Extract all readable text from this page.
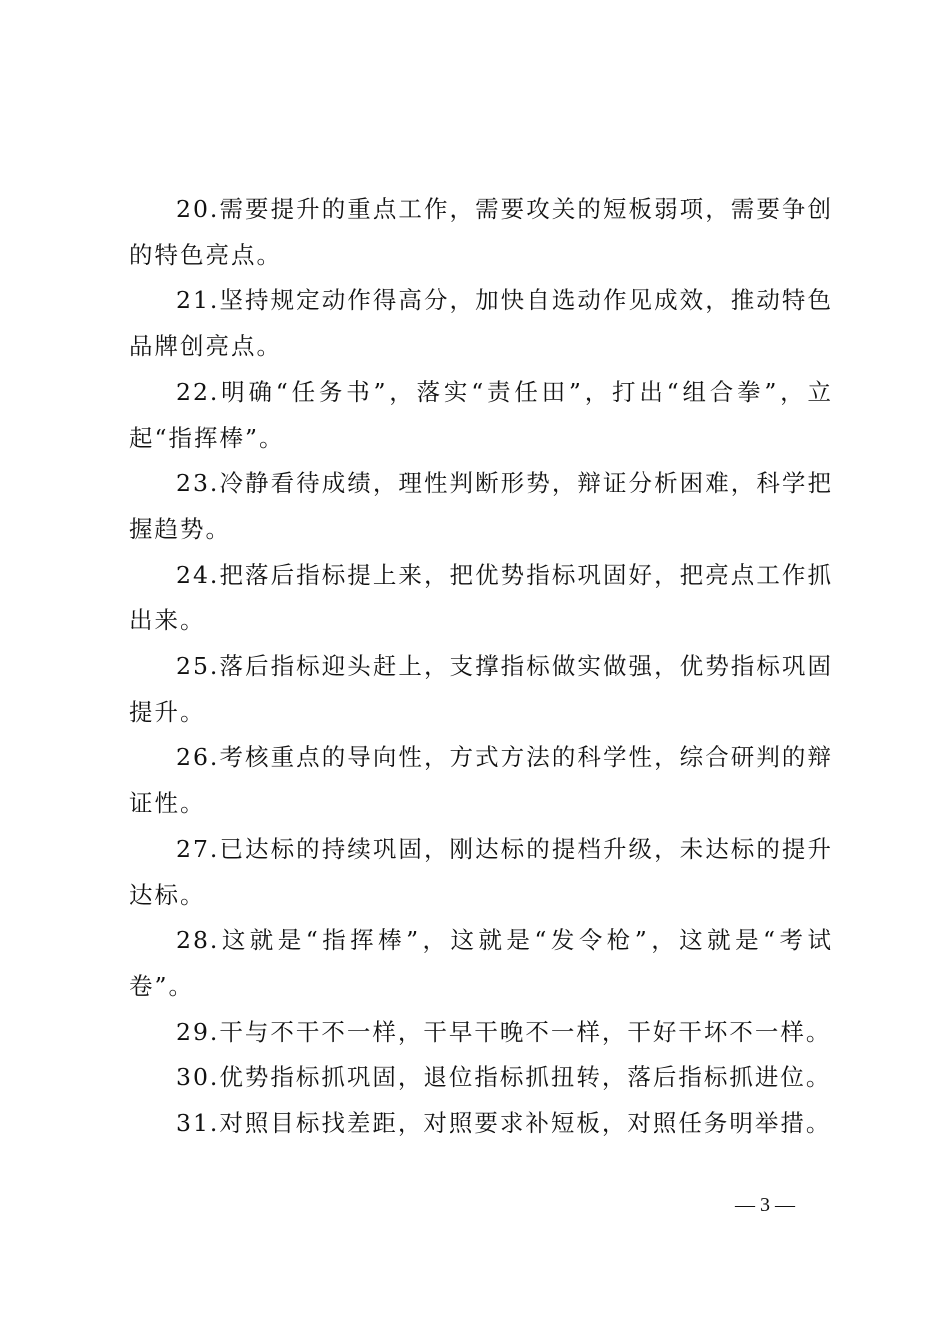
20.需要提升的重点工作，需要攻关的短板弱项，需要争创的特色亮点。

21.坚持规定动作得高分，加快自选动作见成效，推动特色品牌创亮点。

22.明确“任务书”，落实“责任田”，打出“组合拳”，立起“指挥棒”。

23.冷静看待成绩，理性判断形势，辩证分析困难，科学把握趋势。

24.把落后指标提上来，把优势指标巩固好，把亮点工作抓出来。

25.落后指标迎头赶上，支撑指标做实做强，优势指标巩固提升。

26.考核重点的导向性，方式方法的科学性，综合研判的辩证性。

27.已达标的持续巩固，刚达标的提档升级，未达标的提升达标。

28.这就是“指挥棒”，这就是“发令枪”，这就是“考试卷”。

29.干与不干不一样，干早干晚不一样，干好干坏不一样。

30.优势指标抓巩固，退位指标抓扭转，落后指标抓进位。

31.对照目标找差距，对照要求补短板，对照任务明举措。

— 3 —
